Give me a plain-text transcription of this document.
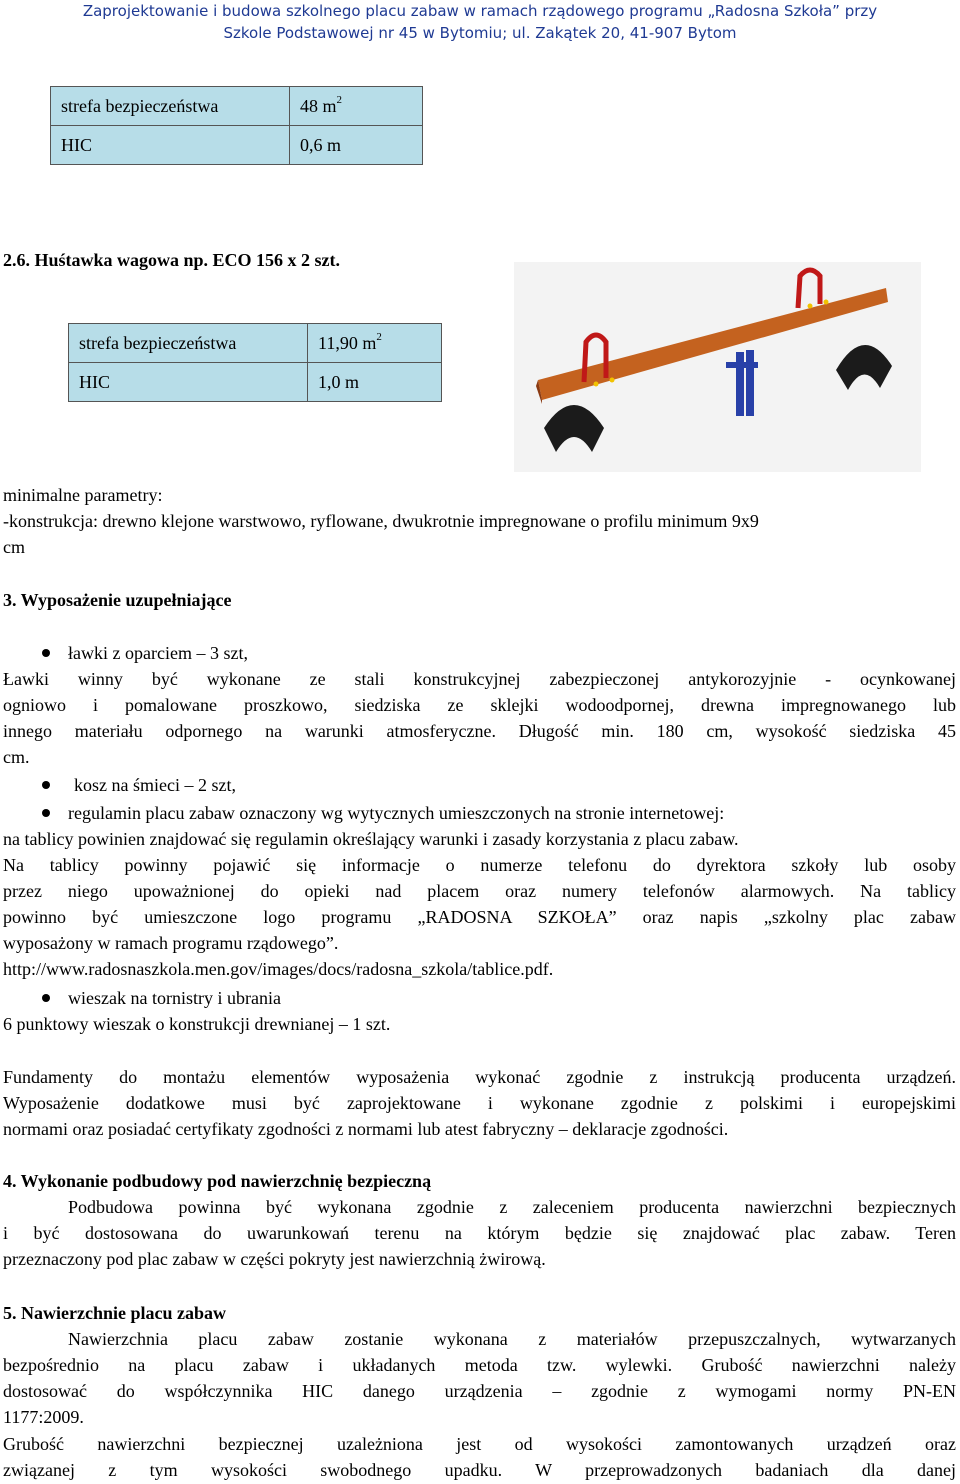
Zaprojektowanie i budowa szkolnego placu zabaw w ramach rządowego programu „Radosna Szkoła” przy
Szkole Podstawowej nr 45 w Bytomiu; ul. Zakątek 20, 41-907 Bytom
strefa bezpieczeństwa	48 $m^2$
HIC	0,6 m
2.6. Huśtawka wagowa np. ECO 156 x 2 szt.
strefa bezpieczeństwa	11,90 $m^2$
HIC	1,0 m
minimalne parametry:
-konstrukcja: drewno klejone warstwowo, ryflowane, dwukrotnie impregnowane o profilu minimum 9x9
cm
3. Wyposażenie uzupełniające
ławki z oparciem – 3 szt,
Ławki winny być wykonane ze stali konstrukcyjnej zabezpieczonej antykorozyjnie - ocynkowanej
ogniowo i pomalowane proszkowo, siedziska ze sklejki wodoodpornej, drewna impregnowanego lub
innego materiału odpornego na warunki atmosferyczne. Długość min. 180 cm, wysokość siedziska 45
cm.
kosz na śmieci – 2 szt,
regulamin placu zabaw oznaczony wg wytycznych umieszczonych na stronie internetowej:
na tablicy powinien znajdować się regulamin określający warunki i zasady korzystania z placu zabaw.
Na tablicy powinny pojawić się informacje o numerze telefonu do dyrektora szkoły lub osoby
przez niego upoważnionej do opieki nad placem oraz numery telefonów alarmowych. Na tablicy
powinno być umieszczone logo programu „RADOSNA SZKOŁA” oraz napis „szkolny plac zabaw
wyposażony w ramach programu rządowego”.
http://www.radosnaszkola.men.gov/images/docs/radosna_szkola/tablice.pdf.
wieszak na tornistry i ubrania
6 punktowy wieszak o konstrukcji drewnianej – 1 szt.
Fundamenty do montażu elementów wyposażenia wykonać zgodnie z instrukcją producenta urządzeń.
Wyposażenie dodatkowe musi być zaprojektowane i wykonane zgodnie z polskimi i europejskimi
normami oraz posiadać certyfikaty zgodności z normami lub atest fabryczny – deklaracje zgodności.
4. Wykonanie podbudowy pod nawierzchnię bezpieczną
Podbudowa powinna być wykonana zgodnie z zaleceniem producenta nawierzchni bezpiecznych
i być dostosowana do uwarunkowań terenu na którym będzie się znajdować plac zabaw. Teren
przeznaczony pod plac zabaw w części pokryty jest nawierzchnią żwirową.
5. Nawierzchnie placu zabaw
Nawierzchnia placu zabaw zostanie wykonana z materiałów przepuszczalnych, wytwarzanych
bezpośrednio na placu zabaw i układanych metoda tzw. wylewki. Grubość nawierzchni należy
dostosować do współczynnika HIC danego urządzenia – zgodnie z wymogami normy PN-EN
1177:2009.
Grubość nawierzchni bezpiecznej uzależniona jest od wysokości zamontowanych urządzeń oraz
związanej z tym wysokości swobodnego upadku. W przeprowadzonych badaniach dla danej
